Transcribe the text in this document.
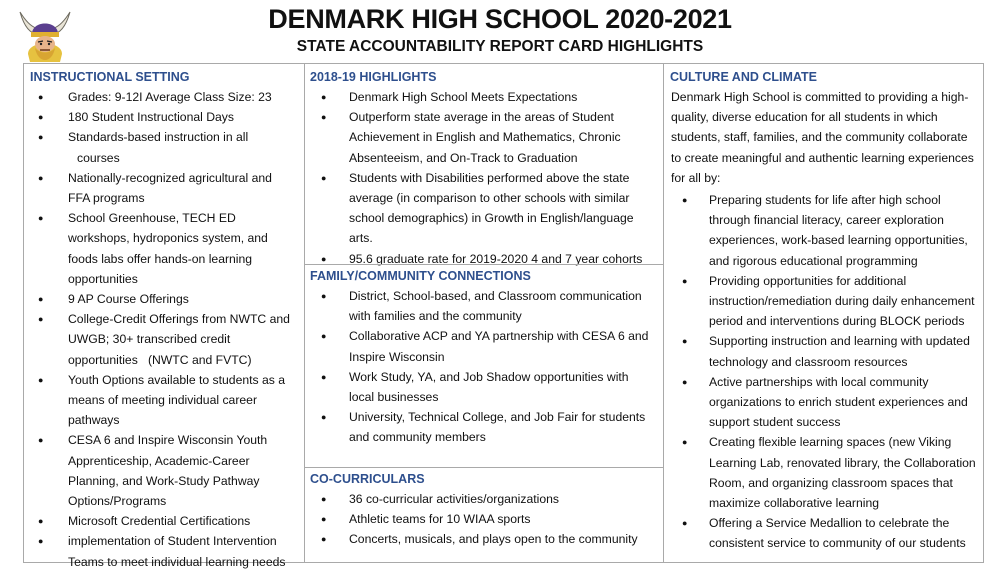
DENMARK HIGH SCHOOL 2020-2021
STATE ACCOUNTABILITY REPORT CARD HIGHLIGHTS

INSTRUCTIONAL SETTING

● Grades: 9-12I Average Class Size: 23
● 180 Student Instructional Days
● Standards-based instruction in all
courses
● Nationally-recognized agricultural and FFA programs
● School Greenhouse, TECH ED workshops, hydroponics system, and foods labs offer hands-on learning opportunities
● 9 AP Course Offerings
● College-Credit Offerings from NWTC and UWGB; 30+ transcribed credit opportunities   (NWTC and FVTC)
● Youth Options available to students as a means of meeting individual career pathways
● CESA 6 and Inspire Wisconsin Youth Apprenticeship, Academic-Career Planning, and Work-Study Pathway Options/Programs
● Microsoft Credential Certifications
● implementation of Student Intervention Teams to meet individual learning needs

2018-19 HIGHLIGHTS

● Denmark High School Meets Expectations
● Outperform state average in the areas of Student Achievement in English and Mathematics, Chronic Absenteeism, and On-Track to Graduation
● Students with Disabilities performed above the state average (in comparison to other schools with similar school demographics) in Growth in English/language arts.
● 95.6 graduate rate for 2019-2020 4 and 7 year cohorts

FAMILY/COMMUNITY CONNECTIONS

● District, School-based, and Classroom communication with families and the community
● Collaborative ACP and YA partnership with CESA 6 and Inspire Wisconsin
● Work Study, YA, and Job Shadow opportunities with local businesses
● University, Technical College, and Job Fair for students and community members

CO-CURRICULARS

● 36 co-curricular activities/organizations
● Athletic teams for 10 WIAA sports
● Concerts, musicals, and plays open to the community

CULTURE AND CLIMATE

Denmark High School is committed to providing a high-quality, diverse education for all students in which students, staff, families, and the community collaborate to create meaningful and authentic learning experiences for all by:

● Preparing students for life after high school through financial literacy, career exploration experiences, work-based learning opportunities, and rigorous educational programming
● Providing opportunities for additional instruction/remediation during daily enhancement period and interventions during BLOCK periods
● Supporting instruction and learning with updated technology and classroom resources
● Active partnerships with local community organizations to enrich student experiences and support student success
● Creating flexible learning spaces (new Viking Learning Lab, renovated library, the Collaboration Room, and organizing classroom spaces that maximize collaborative learning
● Offering a Service Medallion to celebrate the consistent service to community of our students
